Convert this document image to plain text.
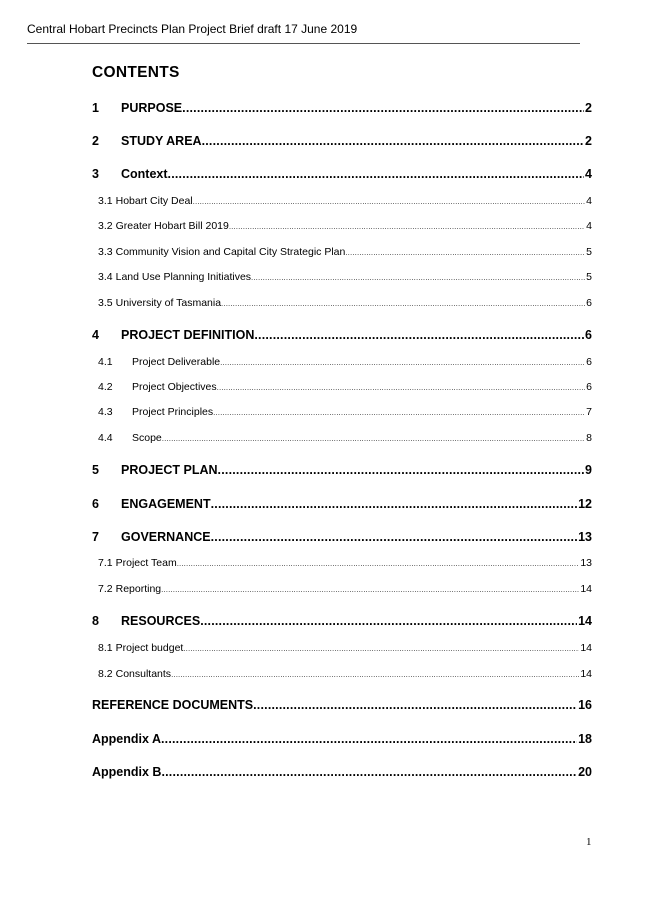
Central Hobart Precincts Plan Project Brief draft 17 June 2019
CONTENTS
1	PURPOSE .....	2
2	STUDY AREA .....	2
3	Context .....	4
3.1 Hobart City Deal .....	4
3.2 Greater Hobart Bill 2019 .....	4
3.3 Community Vision and Capital City Strategic Plan .....	5
3.4 Land Use Planning Initiatives .....	5
3.5 University of Tasmania .....	6
4	PROJECT DEFINITION .....	6
4.1	Project Deliverable .....	6
4.2	Project Objectives .....	6
4.3	Project Principles .....	7
4.4	Scope .....	8
5	PROJECT PLAN .....	9
6	ENGAGEMENT .....	12
7	GOVERNANCE .....	13
7.1 Project Team .....	13
7.2 Reporting .....	14
8	RESOURCES .....	14
8.1 Project budget .....	14
8.2 Consultants .....	14
REFERENCE DOCUMENTS .....	16
Appendix A .....	18
Appendix B .....	20
1
